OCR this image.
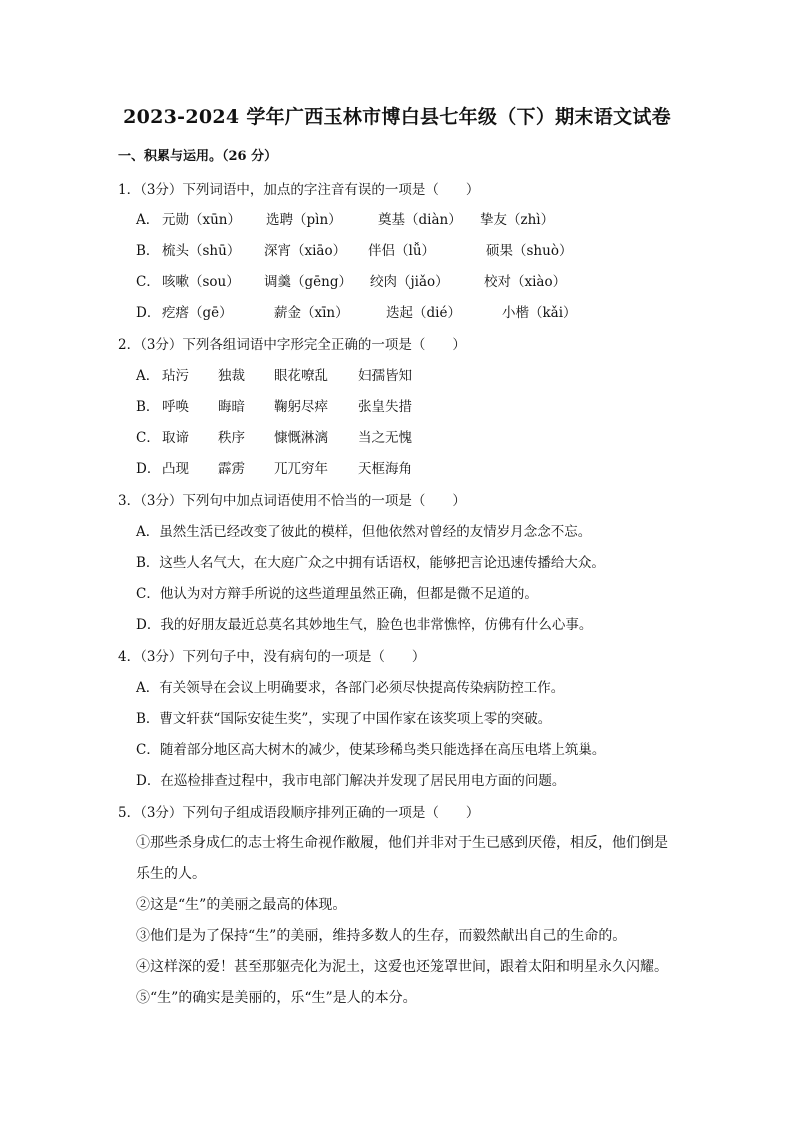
2023-2024 学年广西玉林市博白县七年级（下）期末语文试卷
一、积累与运用。（26 分）
1．（3分）下列词语中，加点的字注音有误的一项是（　　）
A． 元勋（xūn） 选聘（pìn）	奠基（diàn） 挚友（zhì）
B． 梳头（shū） 深宵（xiāo） 伴侣（lǚ）	硕果（shuò）
C． 咳嗽（sou） 调羹（gēng） 绞肉（jiǎo）	校对（xiào）
D． 疙瘩（gē）	薪金（xīn）	迭起（dié）	小楷（kǎi）
2．（3分）下列各组词语中字形完全正确的一项是（　　）
A． 玷污 独裁 眼花嘹乱 妇孺皆知
B． 呼唤 晦暗 鞠躬尽瘁 张皇失措
C． 取谛 秩序 慷慨淋漓 当之无愧
D． 凸现 霹雳 兀兀穷年 天框海角
3．（3分）下列句中加点词语使用不恰当的一项是（　　）
A．虽然生活已经改变了彼此的模样，但他依然对曾经的友情岁月念念不忘。
B．这些人名气大，在大庭广众之中拥有话语权，能够把言论迅速传播给大众。
C．他认为对方辩手所说的这些道理虽然正确，但都是微不足道的。
D．我的好朋友最近总莫名其妙地生气，脸色也非常憔悴，仿佛有什么心事。
4．（3分）下列句子中，没有病句的一项是（　　）
A．有关领导在会议上明确要求，各部门必须尽快提高传染病防控工作。
B．曹文轩获“国际安徒生奖”，实现了中国作家在该奖项上零的突破。
C．随着部分地区高大树木的减少，使某珍稀鸟类只能选择在高压电塔上筑巢。
D．在巡检排查过程中，我市电部门解决并发现了居民用电方面的问题。
5．（3分）下列句子组成语段顺序排列正确的一项是（　　）
①那些杀身成仁的志士将生命视作敝履，他们并非对于生已感到厌倦，相反，他们倒是
乐生的人。
②这是“生”的美丽之最高的体现。
③他们是为了保持“生”的美丽，维持多数人的生存，而毅然献出自己的生命的。
④这样深的爱！甚至那躯壳化为泥土，这爱也还笼罩世间，跟着太阳和明星永久闪耀。
⑤“生”的确实是美丽的，乐“生”是人的本分。
